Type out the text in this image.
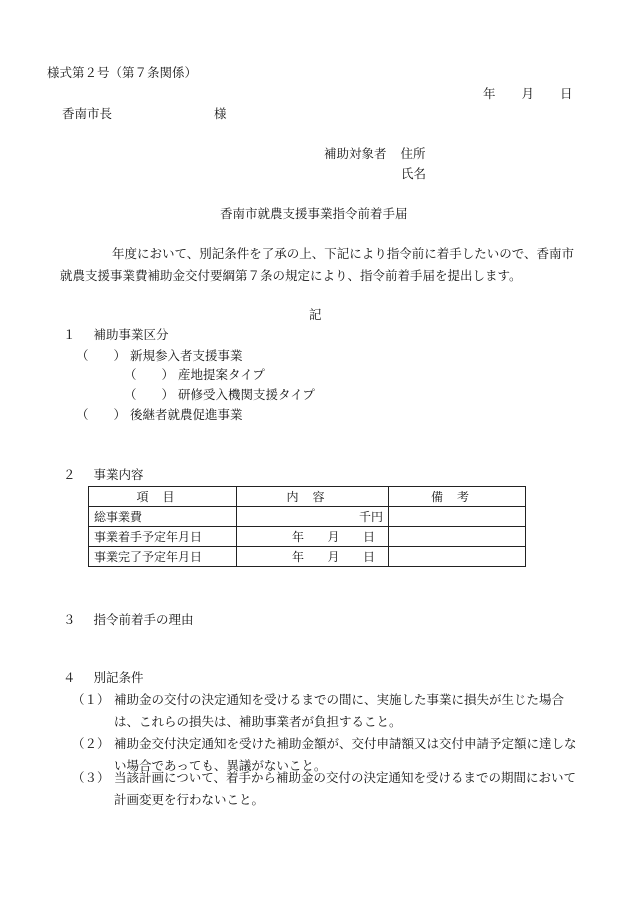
様式第２号（第７条関係）
年 月 日
香南市長	様
補助対象者 住所
氏名
香南市就農支援事業指令前着手届
年度において、別記条件を了承の上、下記により指令前に着手したいので、香南市就農支援事業費補助金交付要綱第７条の規定により、指令前着手届を提出します。
記
１ 補助事業区分
（　　） 新規参入者支援事業
（　　） 産地提案タイプ
（　　） 研修受入機関支援タイプ
（　　） 後継者就農促進事業
２ 事業内容
項目	内容	備考
総事業費	千円	
事業着手予定年月日	年 月 日	

事業完了予定年月日	年 月 日	

３ 指令前着手の理由
４ 別記条件
（１） 補助金の交付の決定通知を受けるまでの間に、実施した事業に損失が生じた場合は、これらの損失は、補助事業者が負担すること。
（２） 補助金交付決定通知を受けた補助金額が、交付申請額又は交付申請予定額に達しない場合であっても、異議がないこと。
（３） 当該計画について、着手から補助金の交付の決定通知を受けるまでの期間において計画変更を行わないこと。
